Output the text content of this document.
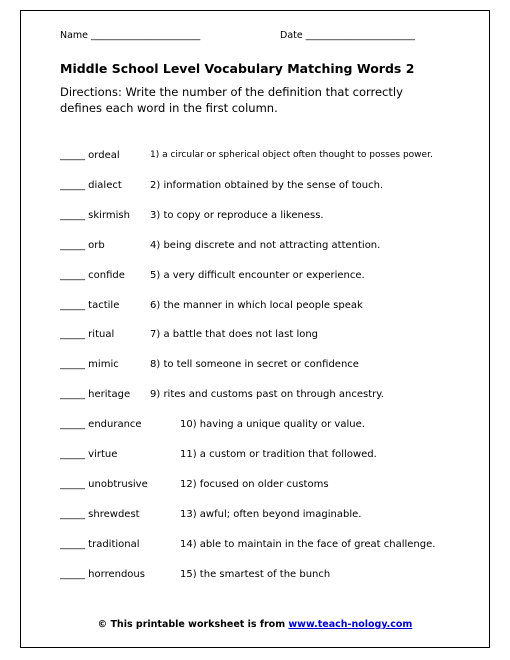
Name _______________________	Date _______________________
Middle School Level Vocabulary Matching Words 2
Directions: Write the number of the definition that correctly defines each word in the first column.
_____ ordeal	1) a circular or spherical object often thought to posses power.
_____ dialect	2) information obtained by the sense of touch.
_____ skirmish 3) to copy or reproduce a likeness.
_____ orb	4) being discrete and not attracting attention.
_____ confide	5) a very difficult encounter or experience.
_____ tactile	6) the manner in which local people speak
_____ ritual	7) a battle that does not last long
_____ mimic	8) to tell someone in secret or confidence
_____ heritage 9) rites and customs past on through ancestry.
_____ endurance	10) having a unique quality or value.
_____ virtue	11) a custom or tradition that followed.
_____ unobtrusive	12) focused on older customs
_____ shrewdest	13) awful; often beyond imaginable.
_____ traditional	14) able to maintain in the face of great challenge.
_____ horrendous	15) the smartest of the bunch
© This printable worksheet is from www.teach-nology.com
